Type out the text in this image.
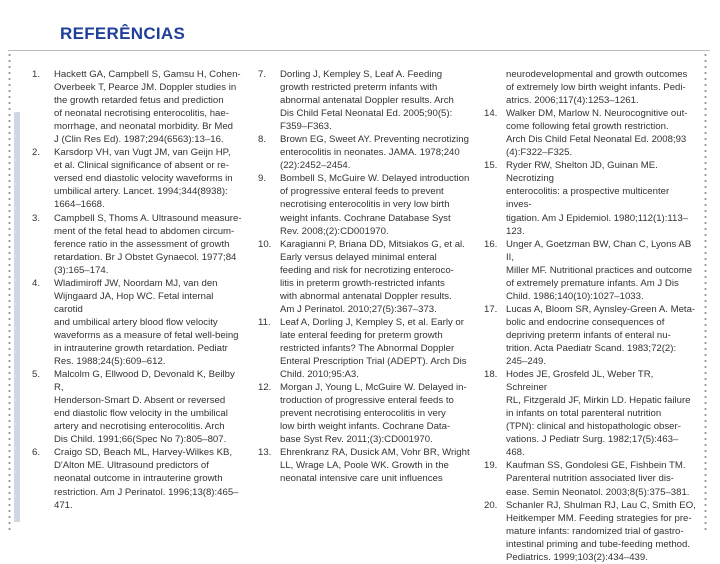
REFERÊNCIAS
1. Hackett GA, Campbell S, Gamsu H, Cohen-
Overbeek T, Pearce JM. Doppler studies in
the growth retarded fetus and prediction
of neonatal necrotising enterocolitis, hae-
morrhage, and neonatal morbidity. Br Med
J (Clin Res Ed). 1987;294(6563):13–16.

2. Karsdorp VH, van Vugt JM, van Geijn HP,
et al. Clinical significance of absent or re-
versed end diastolic velocity waveforms in
umbilical artery. Lancet. 1994;344(8938):
1664–1668.

3. Campbell S, Thoms A. Ultrasound measure-
ment of the fetal head to abdomen circum-
ference ratio in the assessment of growth
retardation. Br J Obstet Gynaecol. 1977;84
(3):165–174.

4. Wladimiroff JW, Noordam MJ, van den
Wijngaard JA, Hop WC. Fetal internal carotid
and umbilical artery blood flow velocity
waveforms as a measure of fetal well-being
in intrauterine growth retardation. Pediatr
Res. 1988;24(5):609–612.

5. Malcolm G, Ellwood D, Devonald K, Beilby R,
Henderson-Smart D. Absent or reversed
end diastolic flow velocity in the umbilical
artery and necrotising enterocolitis. Arch
Dis Child. 1991;66(Spec No 7):805–807.

6. Craigo SD, Beach ML, Harvey-Wilkes KB,
D'Alton ME. Ultrasound predictors of
neonatal outcome in intrauterine growth
restriction. Am J Perinatol. 1996;13(8):465–
471.

7. Dorling J, Kempley S, Leaf A. Feeding
growth restricted preterm infants with
abnormal antenatal Doppler results. Arch
Dis Child Fetal Neonatal Ed. 2005;90(5):
F359–F363.

8. Brown EG, Sweet AY. Preventing necrotizing
enterocolitis in neonates. JAMA. 1978;240
(22):2452–2454.

9. Bombell S, McGuire W. Delayed introduction
of progressive enteral feeds to prevent
necrotising enterocolitis in very low birth
weight infants. Cochrane Database Syst
Rev. 2008;(2):CD001970.

10. Karagianni P, Briana DD, Mitsiakos G, et al.
Early versus delayed minimal enteral
feeding and risk for necrotizing enteroco-
litis in preterm growth-restricted infants
with abnormal antenatal Doppler results.
Am J Perinatol. 2010;27(5):367–373.

11. Leaf A, Dorling J, Kempley S, et al. Early or
late enteral feeding for preterm growth
restricted infants? The Abnormal Doppler
Enteral Prescription Trial (ADEPT). Arch Dis
Child. 2010;95:A3.

12. Morgan J, Young L, McGuire W. Delayed in-
troduction of progressive enteral feeds to
prevent necrotising enterocolitis in very
low birth weight infants. Cochrane Data-
base Syst Rev. 2011;(3):CD001970.

13. Ehrenkranz RA, Dusick AM, Vohr BR, Wright
LL, Wrage LA, Poole WK. Growth in the
neonatal intensive care unit influences

neurodevelopmental and growth outcomes
of extremely low birth weight infants. Pedi-
atrics. 2006;117(4):1253–1261.

14. Walker DM, Marlow N. Neurocognitive out-
come following fetal growth restriction.
Arch Dis Child Fetal Neonatal Ed. 2008;93
(4):F322–F325.

15. Ryder RW, Shelton JD, Guinan ME. Necrotizing
enterocolitis: a prospective multicenter inves-
tigation. Am J Epidemiol. 1980;112(1):113–123.

16. Unger A, Goetzman BW, Chan C, Lyons AB II,
Miller MF. Nutritional practices and outcome
of extremely premature infants. Am J Dis
Child. 1986;140(10):1027–1033.

17. Lucas A, Bloom SR, Aynsley-Green A. Meta-
bolic and endocrine consequences of
depriving preterm infants of enteral nu-
trition. Acta Paediatr Scand. 1983;72(2):
245–249.

18. Hodes JE, Grosfeld JL, Weber TR, Schreiner
RL, Fitzgerald JF, Mirkin LD. Hepatic failure
in infants on total parenteral nutrition
(TPN): clinical and histopathologic obser-
vations. J Pediatr Surg. 1982;17(5):463–468.

19. Kaufman SS, Gondolesi GE, Fishbein TM.
Parenteral nutrition associated liver dis-
ease. Semin Neonatol. 2003;8(5):375–381.

20. Schanler RJ, Shulman RJ, Lau C, Smith EO,
Heitkemper MM. Feeding strategies for pre-
mature infants: randomized trial of gastro-
intestinal priming and tube-feeding method.
Pediatrics. 1999;103(2):434–439.
